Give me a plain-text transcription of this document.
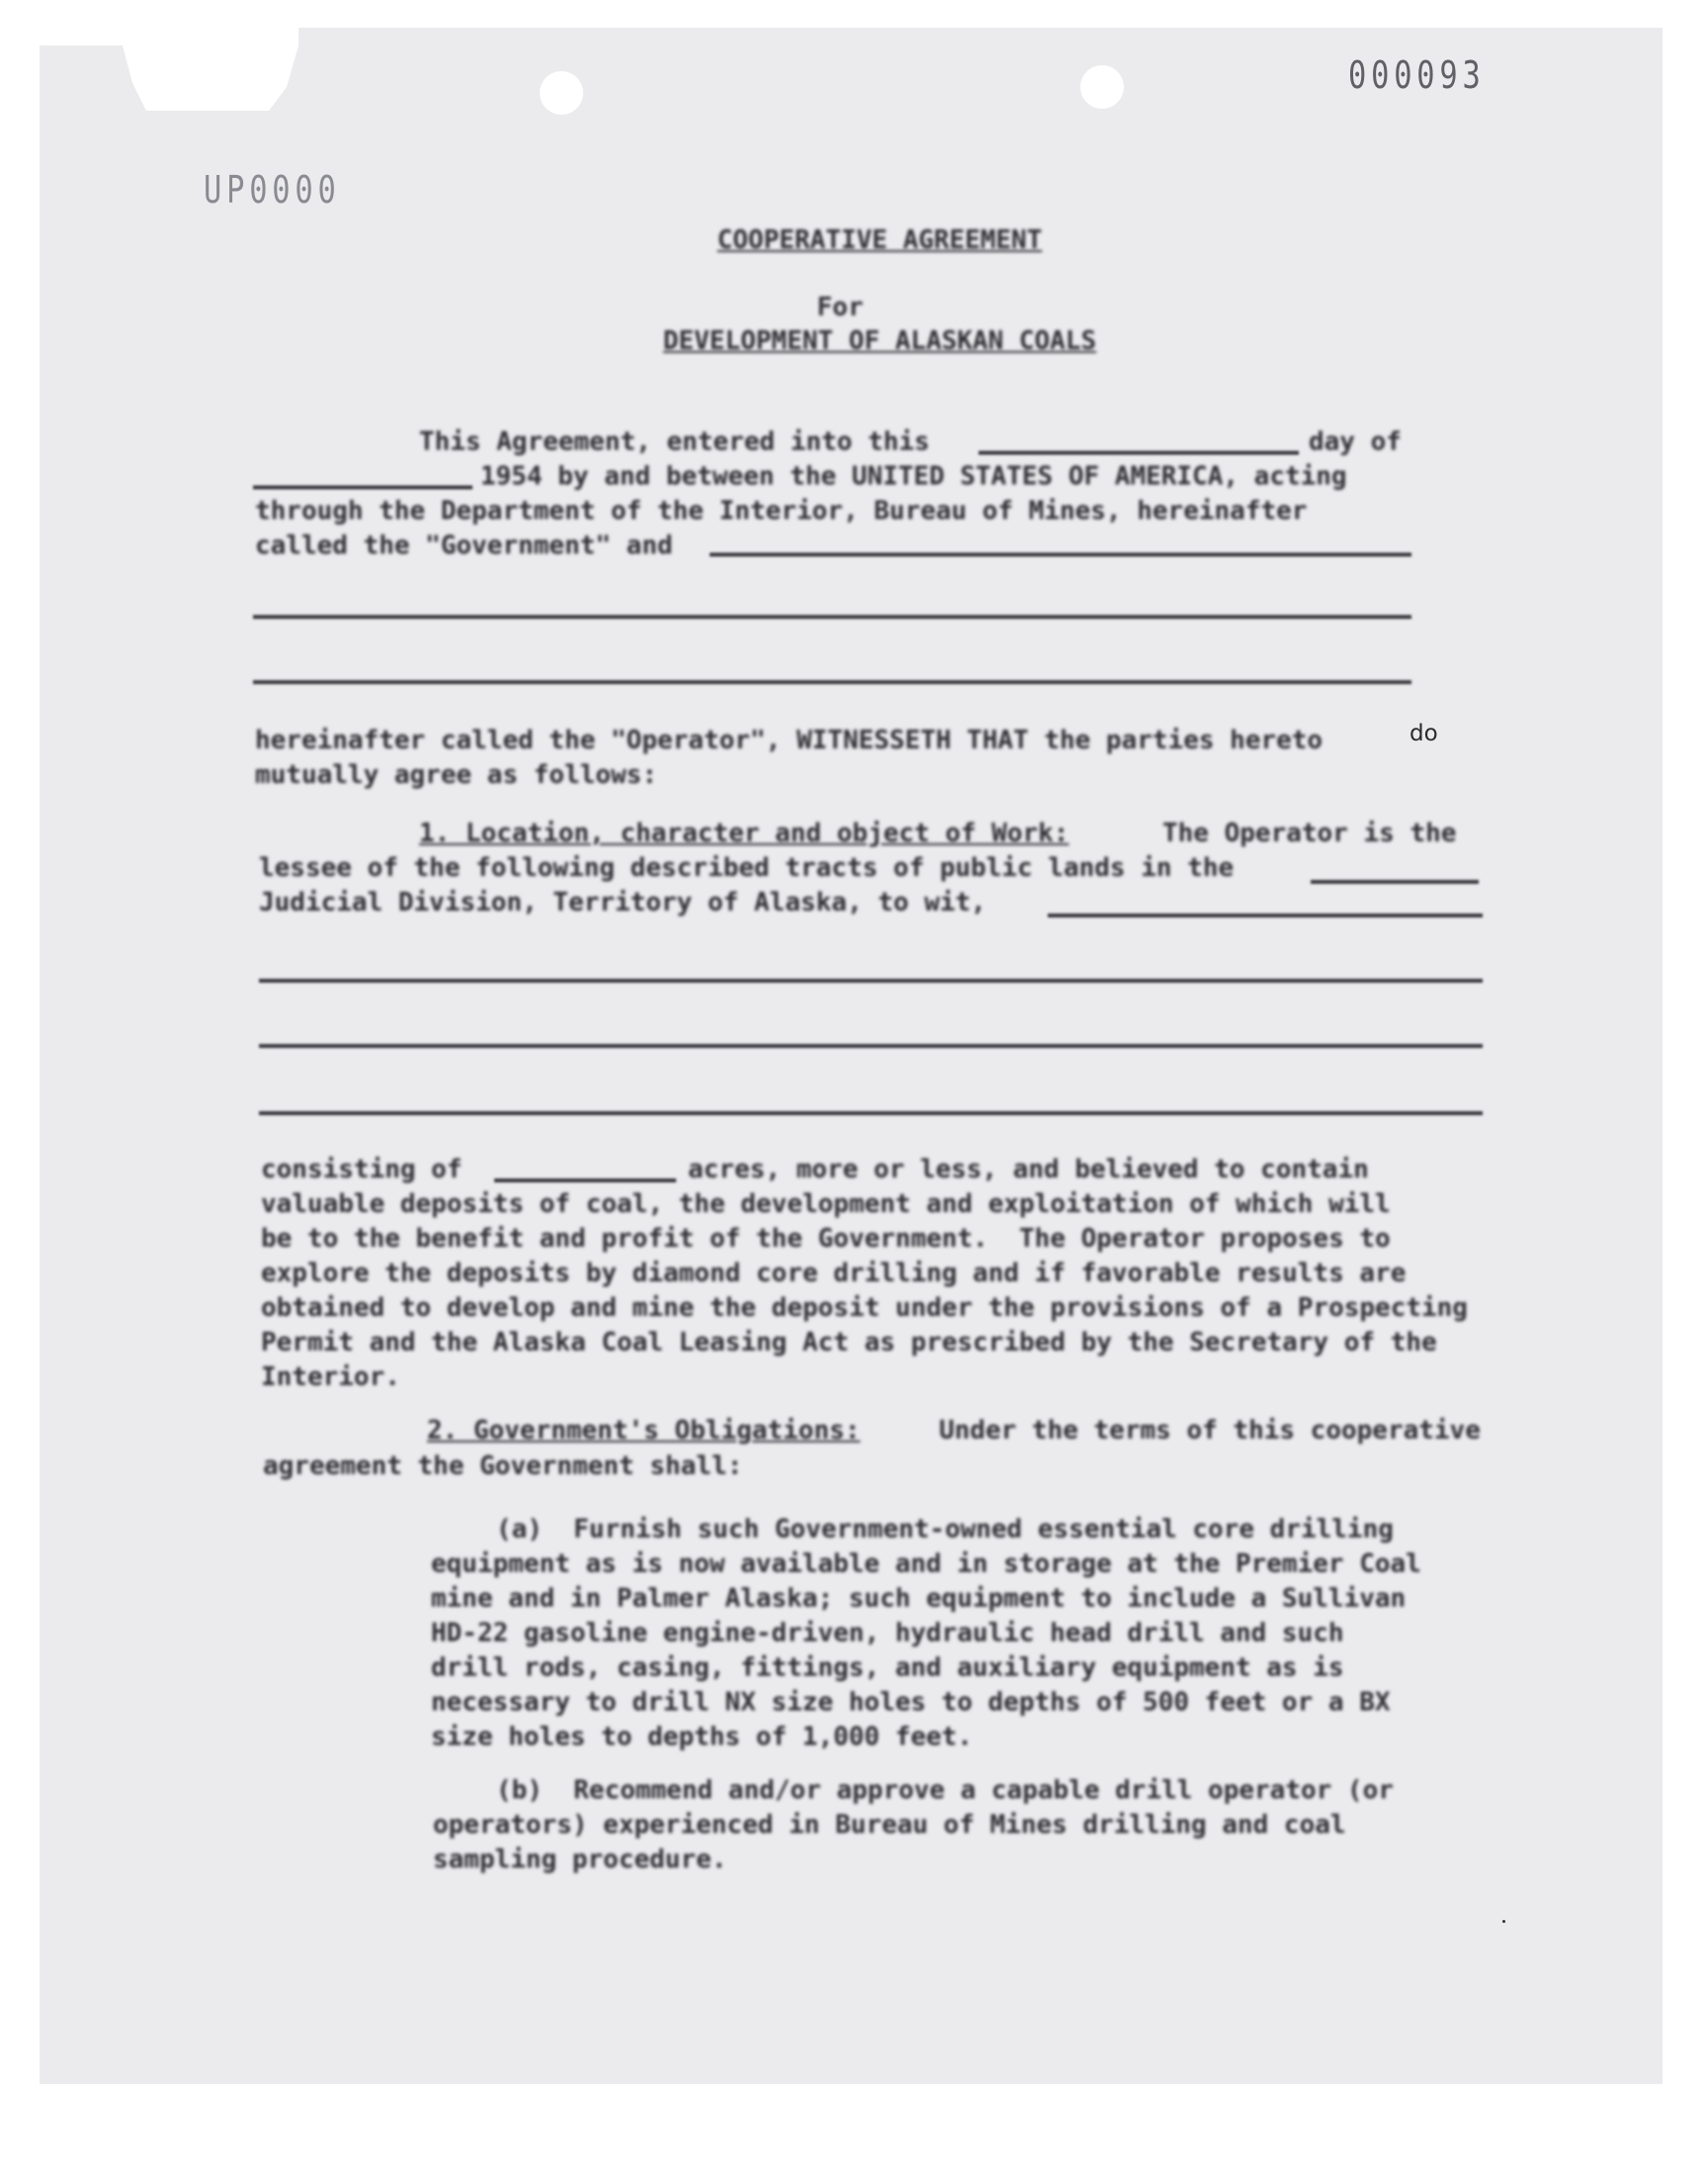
000093
UP0000
COOPERATIVE AGREEMENT
For
DEVELOPMENT OF ALASKAN COALS
This Agreement, entered into this	day of
1954 by and between the UNITED STATES OF AMERICA, acting
through the Department of the Interior, Bureau of Mines, hereinafter
called the "Government" and
hereinafter called the "Operator", WITNESSETH THAT the parties hereto	do
mutually agree as follows:
1. Location, character and object of Work:	The Operator is the
lessee of the following described tracts of public lands in the
Judicial Division, Territory of Alaska, to wit,
consisting of	acres, more or less, and believed to contain
valuable deposits of coal, the development and exploitation of which will
be to the benefit and profit of the Government.  The Operator proposes to
explore the deposits by diamond core drilling and if favorable results are
obtained to develop and mine the deposit under the provisions of a Prospecting
Permit and the Alaska Coal Leasing Act as prescribed by the Secretary of the
Interior.
2. Government's Obligations:	Under the terms of this cooperative
agreement the Government shall:
(a)  Furnish such Government-owned essential core drilling
equipment as is now available and in storage at the Premier Coal
mine and in Palmer Alaska; such equipment to include a Sullivan
HD-22 gasoline engine-driven, hydraulic head drill and such
drill rods, casing, fittings, and auxiliary equipment as is
necessary to drill NX size holes to depths of 500 feet or a BX
size holes to depths of 1,000 feet.
(b)  Recommend and/or approve a capable drill operator (or
operators) experienced in Bureau of Mines drilling and coal
sampling procedure.
